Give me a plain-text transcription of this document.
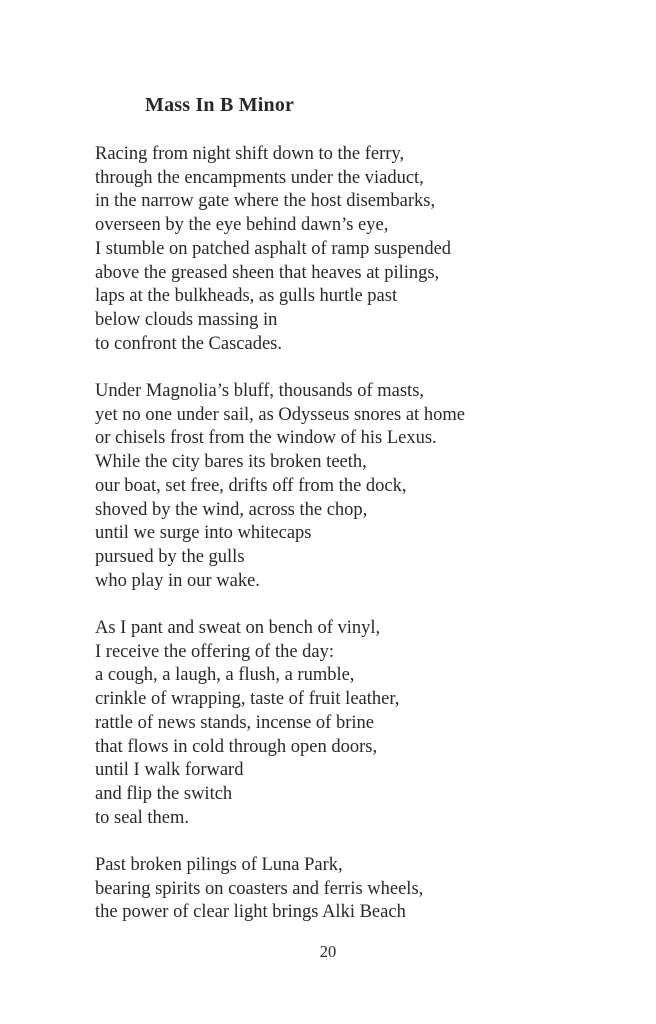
Mass In B Minor

Racing from night shift down to the ferry,
through the encampments under the viaduct,
in the narrow gate where the host disembarks,
overseen by the eye behind dawn’s eye,
I stumble on patched asphalt of ramp suspended
above the greased sheen that heaves at pilings,
laps at the bulkheads, as gulls hurtle past
below clouds massing in
to confront the Cascades.

Under Magnolia’s bluff, thousands of masts,
yet no one under sail, as Odysseus snores at home
or chisels frost from the window of his Lexus.
While the city bares its broken teeth,
our boat, set free, drifts off from the dock,
shoved by the wind, across the chop,
until we surge into whitecaps
pursued by the gulls
who play in our wake.

As I pant and sweat on bench of vinyl,
I receive the offering of the day:
a cough, a laugh, a flush, a rumble,
crinkle of wrapping, taste of fruit leather,
rattle of news stands, incense of brine
that flows in cold through open doors,
until I walk forward
and flip the switch
to seal them.

Past broken pilings of Luna Park,
bearing spirits on coasters and ferris wheels,
the power of clear light brings Alki Beach

20
